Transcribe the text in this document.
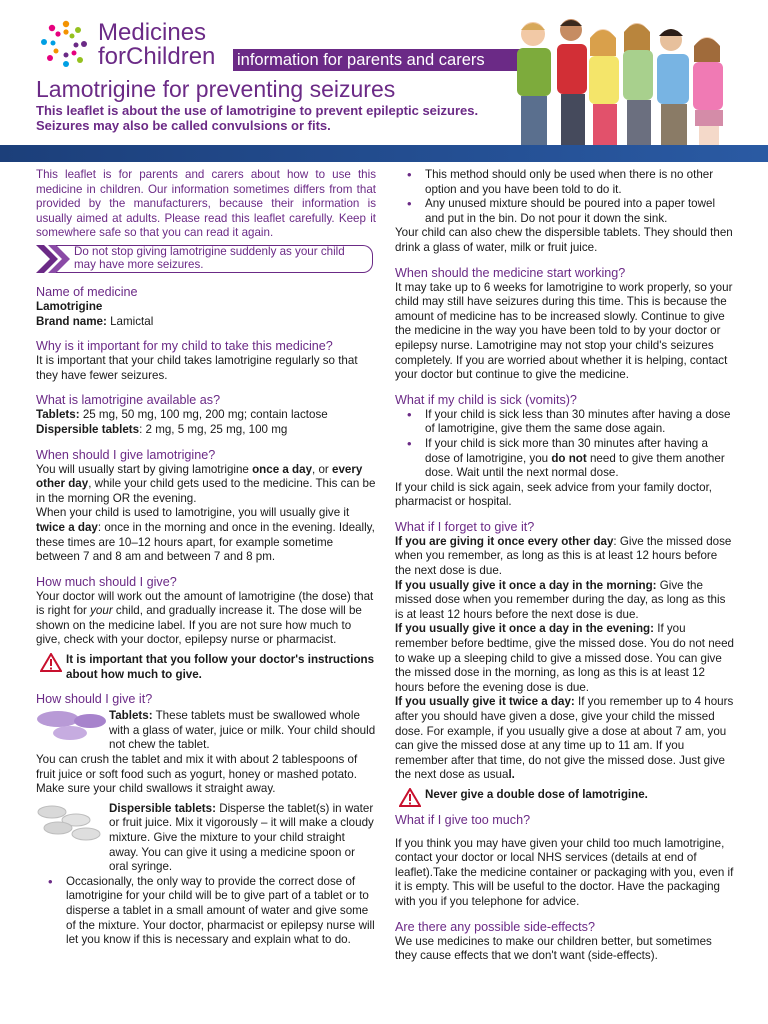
Medicines
forChildren information for parents and carers
Lamotrigine for preventing seizures
This leaflet is about the use of lamotrigine to prevent epileptic seizures. Seizures may also be called convulsions or fits.

This leaflet is for parents and carers about how to use this medicine in children. Our information sometimes differs from that provided by the manufacturers, because their information is usually aimed at adults. Please read this leaflet carefully. Keep it somewhere safe so that you can read it again.

Do not stop giving lamotrigine suddenly as your child may have more seizures.

Name of medicine

Lamotrigine

Brand name: Lamictal

Why is it important for my child to take this medicine?

It is important that your child takes lamotrigine regularly so that they have fewer seizures.

What is lamotrigine available as?

Tablets: 25 mg, 50 mg, 100 mg, 200 mg; contain lactose

Dispersible tablets: 2 mg, 5 mg, 25 mg, 100 mg

When should I give lamotrigine?

You will usually start by giving lamotrigine once a day, or every other day, while your child gets used to the medicine. This can be in the morning OR the evening.

When your child is used to lamotrigine, you will usually give it twice a day: once in the morning and once in the evening. Ideally, these times are 10–12 hours apart, for example sometime between 7 and 8 am and between 7 and 8 pm.

How much should I give?

Your doctor will work out the amount of lamotrigine (the dose) that is right for your child, and gradually increase it. The dose will be shown on the medicine label. If you are not sure how much to give, check with your doctor, epilepsy nurse or pharmacist.

It is important that you follow your doctor's instructions about how much to give.

How should I give it?

Tablets: These tablets must be swallowed whole with a glass of water, juice or milk. Your child should not chew the tablet.

You can crush the tablet and mix it with about 2 tablespoons of fruit juice or soft food such as yogurt, honey or mashed potato. Make sure your child swallows it straight away.

Dispersible tablets: Disperse the tablet(s) in water or fruit juice. Mix it vigorously – it will make a cloudy mixture. Give the mixture to your child straight away. You can give it using a medicine spoon or oral syringe.
• Occasionally, the only way to provide the correct dose of lamotrigine for your child will be to give part of a tablet or to disperse a tablet in a small amount of water and give some of the mixture. Your doctor, pharmacist or epilepsy nurse will let you know if this is necessary and explain what to do.
• This method should only be used when there is no other option and you have been told to do it.
• Any unused mixture should be poured into a paper towel and put in the bin. Do not pour it down the sink.

Your child can also chew the dispersible tablets. They should then drink a glass of water, milk or fruit juice.

When should the medicine start working?

It may take up to 6 weeks for lamotrigine to work properly, so your child may still have seizures during this time. This is because the amount of medicine has to be increased slowly. Continue to give the medicine in the way you have been told to by your doctor or epilepsy nurse. Lamotrigine may not stop your child's seizures completely. If you are worried about whether it is helping, contact your doctor but continue to give the medicine.

What if my child is sick (vomits)?

• If your child is sick less than 30 minutes after having a dose of lamotrigine, give them the same dose again.
• If your child is sick more than 30 minutes after having a dose of lamotrigine, you do not need to give them another dose. Wait until the next normal dose.

If your child is sick again, seek advice from your family doctor, pharmacist or hospital.

What if I forget to give it?

If you are giving it once every other day: Give the missed dose when you remember, as long as this is at least 12 hours before the next dose is due.

If you usually give it once a day in the morning: Give the missed dose when you remember during the day, as long as this is at least 12 hours before the next dose is due.

If you usually give it once a day in the evening: If you remember before bedtime, give the missed dose. You do not need to wake up a sleeping child to give a missed dose. You can give the missed dose in the morning, as long as this is at least 12 hours before the evening dose is due.

If you usually give it twice a day: If you remember up to 4 hours after you should have given a dose, give your child the missed dose. For example, if you usually give a dose at about 7 am, you can give the missed dose at any time up to 11 am. If you remember after that time, do not give the missed dose. Just give the next dose as usual.

Never give a double dose of lamotrigine.

What if I give too much?

If you think you may have given your child too much lamotrigine, contact your doctor or local NHS services (details at end of leaflet).Take the medicine container or packaging with you, even if it is empty. This will be useful to the doctor. Have the packaging with you if you telephone for advice.

Are there any possible side-effects?

We use medicines to make our children better, but sometimes they cause effects that we don't want (side-effects).
